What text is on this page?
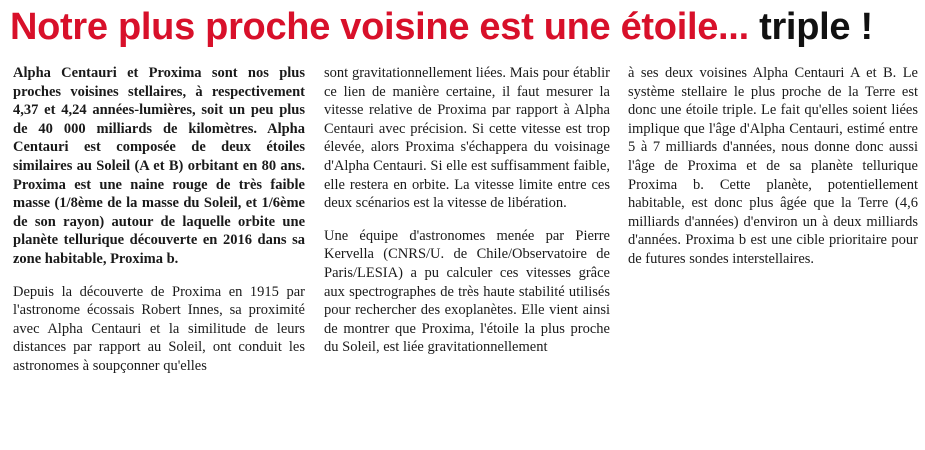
Notre plus proche voisine est une étoile... triple !

Alpha Centauri et Proxima sont nos plus proches voisines stellaires, à respectivement 4,37 et 4,24 années-lumières, soit un peu plus de 40 000 milliards de kilomètres. Alpha Centauri est composée de deux étoiles similaires au Soleil (A et B) orbitant en 80 ans. Proxima est une naine rouge de très faible masse (1/8ème de la masse du Soleil, et 1/6ème de son rayon) autour de laquelle orbite une planète tellurique découverte en 2016 dans sa zone habitable, Proxima b.

Depuis la découverte de Proxima en 1915 par l'astronome écossais Robert Innes, sa proximité avec Alpha Centauri et la similitude de leurs distances par rapport au Soleil, ont conduit les astronomes à soupçonner qu'elles

sont gravitationnellement liées. Mais pour établir ce lien de manière certaine, il faut mesurer la vitesse relative de Proxima par rapport à Alpha Centauri avec précision. Si cette vitesse est trop élevée, alors Proxima s'échappera du voisinage d'Alpha Centauri. Si elle est suffisamment faible, elle restera en orbite. La vitesse limite entre ces deux scénarios est la vitesse de libération.

Une équipe d'astronomes menée par Pierre Kervella (CNRS/U. de Chile/Observatoire de Paris/LESIA) a pu calculer ces vitesses grâce aux spectrographes de très haute stabilité utilisés pour rechercher des exoplanètes. Elle vient ainsi de montrer que Proxima, l'étoile la plus proche du Soleil, est liée gravitationnellement

à ses deux voisines Alpha Centauri A et B. Le système stellaire le plus proche de la Terre est donc une étoile triple. Le fait qu'elles soient liées implique que l'âge d'Alpha Centauri, estimé entre 5 à 7 milliards d'années, nous donne donc aussi l'âge de Proxima et de sa planète tellurique Proxima b. Cette planète, potentiellement habitable, est donc plus âgée que la Terre (4,6 milliards d'années) d'environ un à deux milliards d'années. Proxima b est une cible prioritaire pour de futures sondes interstellaires.
